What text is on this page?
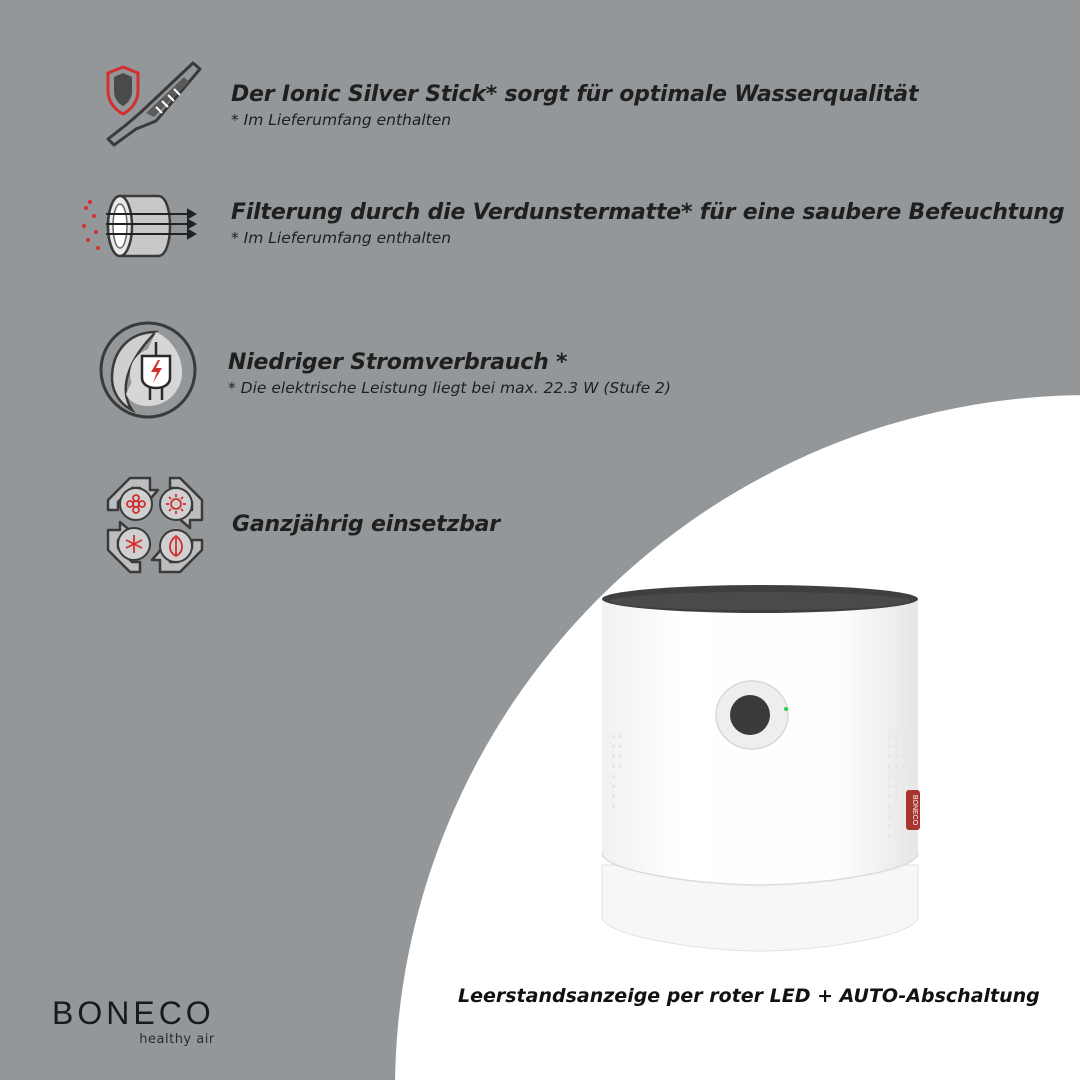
Der Ionic Silver Stick* sorgt für optimale Wasserqualität
* Im Lieferumfang enthalten
Filterung durch die Verdunstermatte* für eine saubere Befeuchtung
* Im Lieferumfang enthalten
Niedriger Stromverbrauch *
* Die elektrische Leistung liegt bei max. 22.3 W (Stufe 2)
Ganzjährig einsetzbar
BONECO
Leerstandsanzeige per roter LED + AUTO-Abschaltung
BONECO
healthy air
